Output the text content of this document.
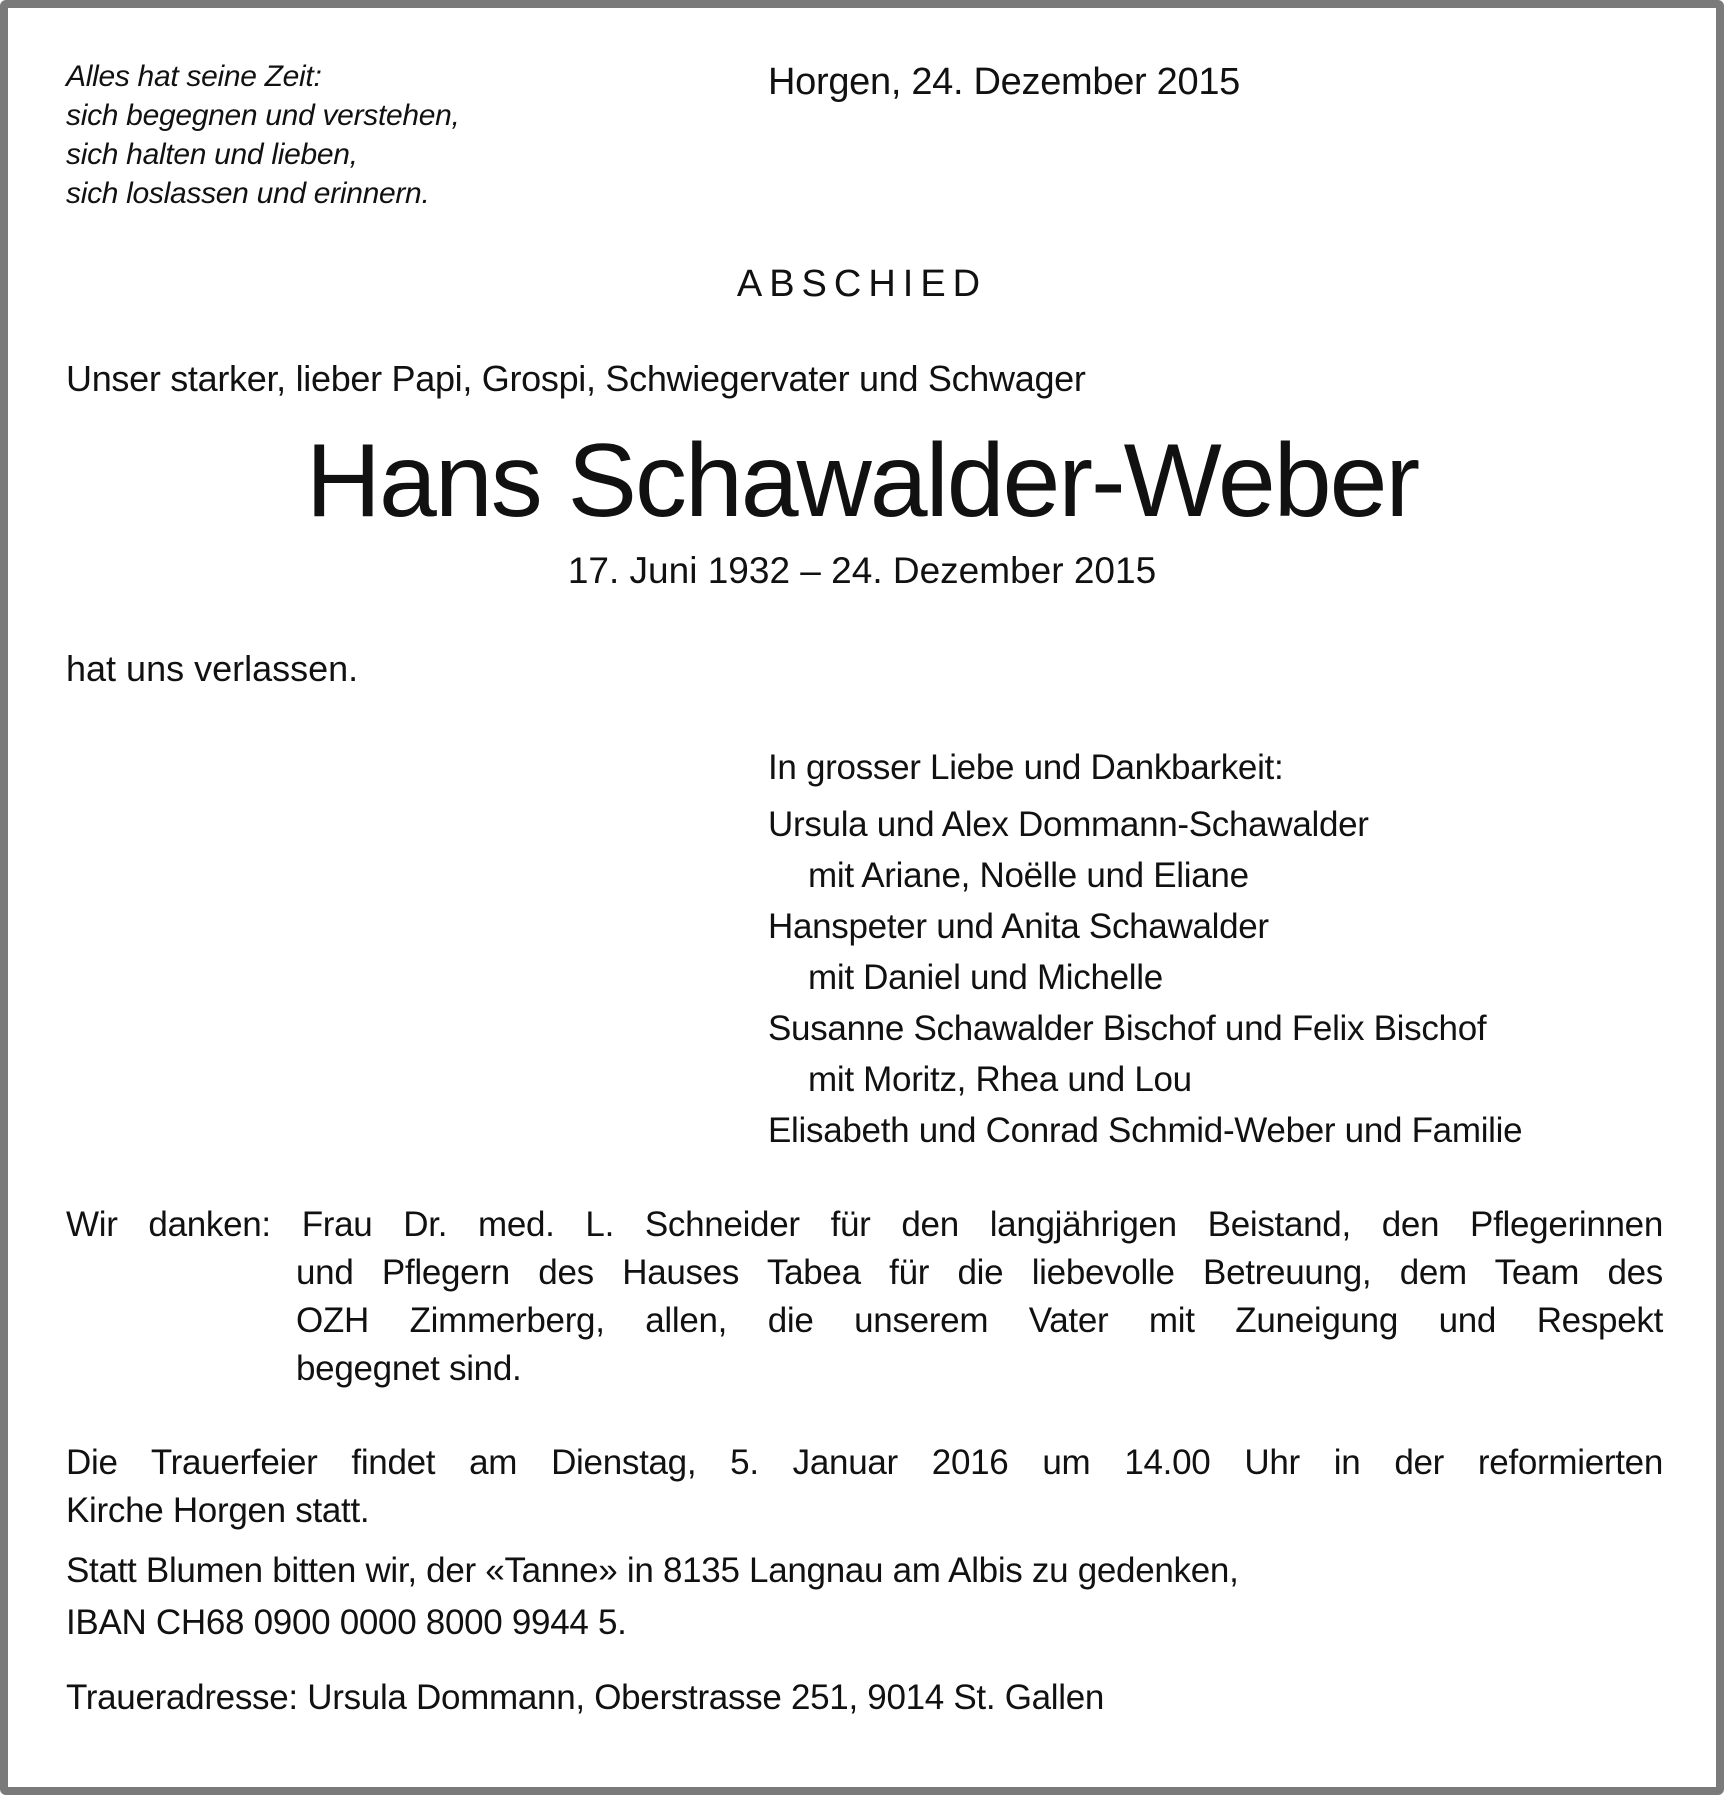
Alles hat seine Zeit:
sich begegnen und verstehen,
sich halten und lieben,
sich loslassen und erinnern.
Horgen, 24. Dezember 2015
ABSCHIED
Unser starker, lieber Papi, Grospi, Schwiegervater und Schwager
Hans Schawalder-Weber
17. Juni 1932 – 24. Dezember 2015
hat uns verlassen.
In grosser Liebe und Dankbarkeit:
Ursula und Alex Dommann-Schawalder
mit Ariane, Noëlle und Eliane
Hanspeter und Anita Schawalder
mit Daniel und Michelle
Susanne Schawalder Bischof und Felix Bischof
mit Moritz, Rhea und Lou
Elisabeth und Conrad Schmid-Weber und Familie
Wir danken: Frau Dr. med. L. Schneider für den langjährigen Beistand, den Pflegerinnen
und Pflegern des Hauses Tabea für die liebevolle Betreuung, dem Team des
OZH Zimmerberg, allen, die unserem Vater mit Zuneigung und Respekt
begegnet sind.
Die Trauerfeier findet am Dienstag, 5. Januar 2016 um 14.00 Uhr in der reformierten
Kirche Horgen statt.
Statt Blumen bitten wir, der «Tanne» in 8135 Langnau am Albis zu gedenken,
IBAN CH68 0900 0000 8000 9944 5.
Traueradresse: Ursula Dommann, Oberstrasse 251, 9014 St. Gallen
